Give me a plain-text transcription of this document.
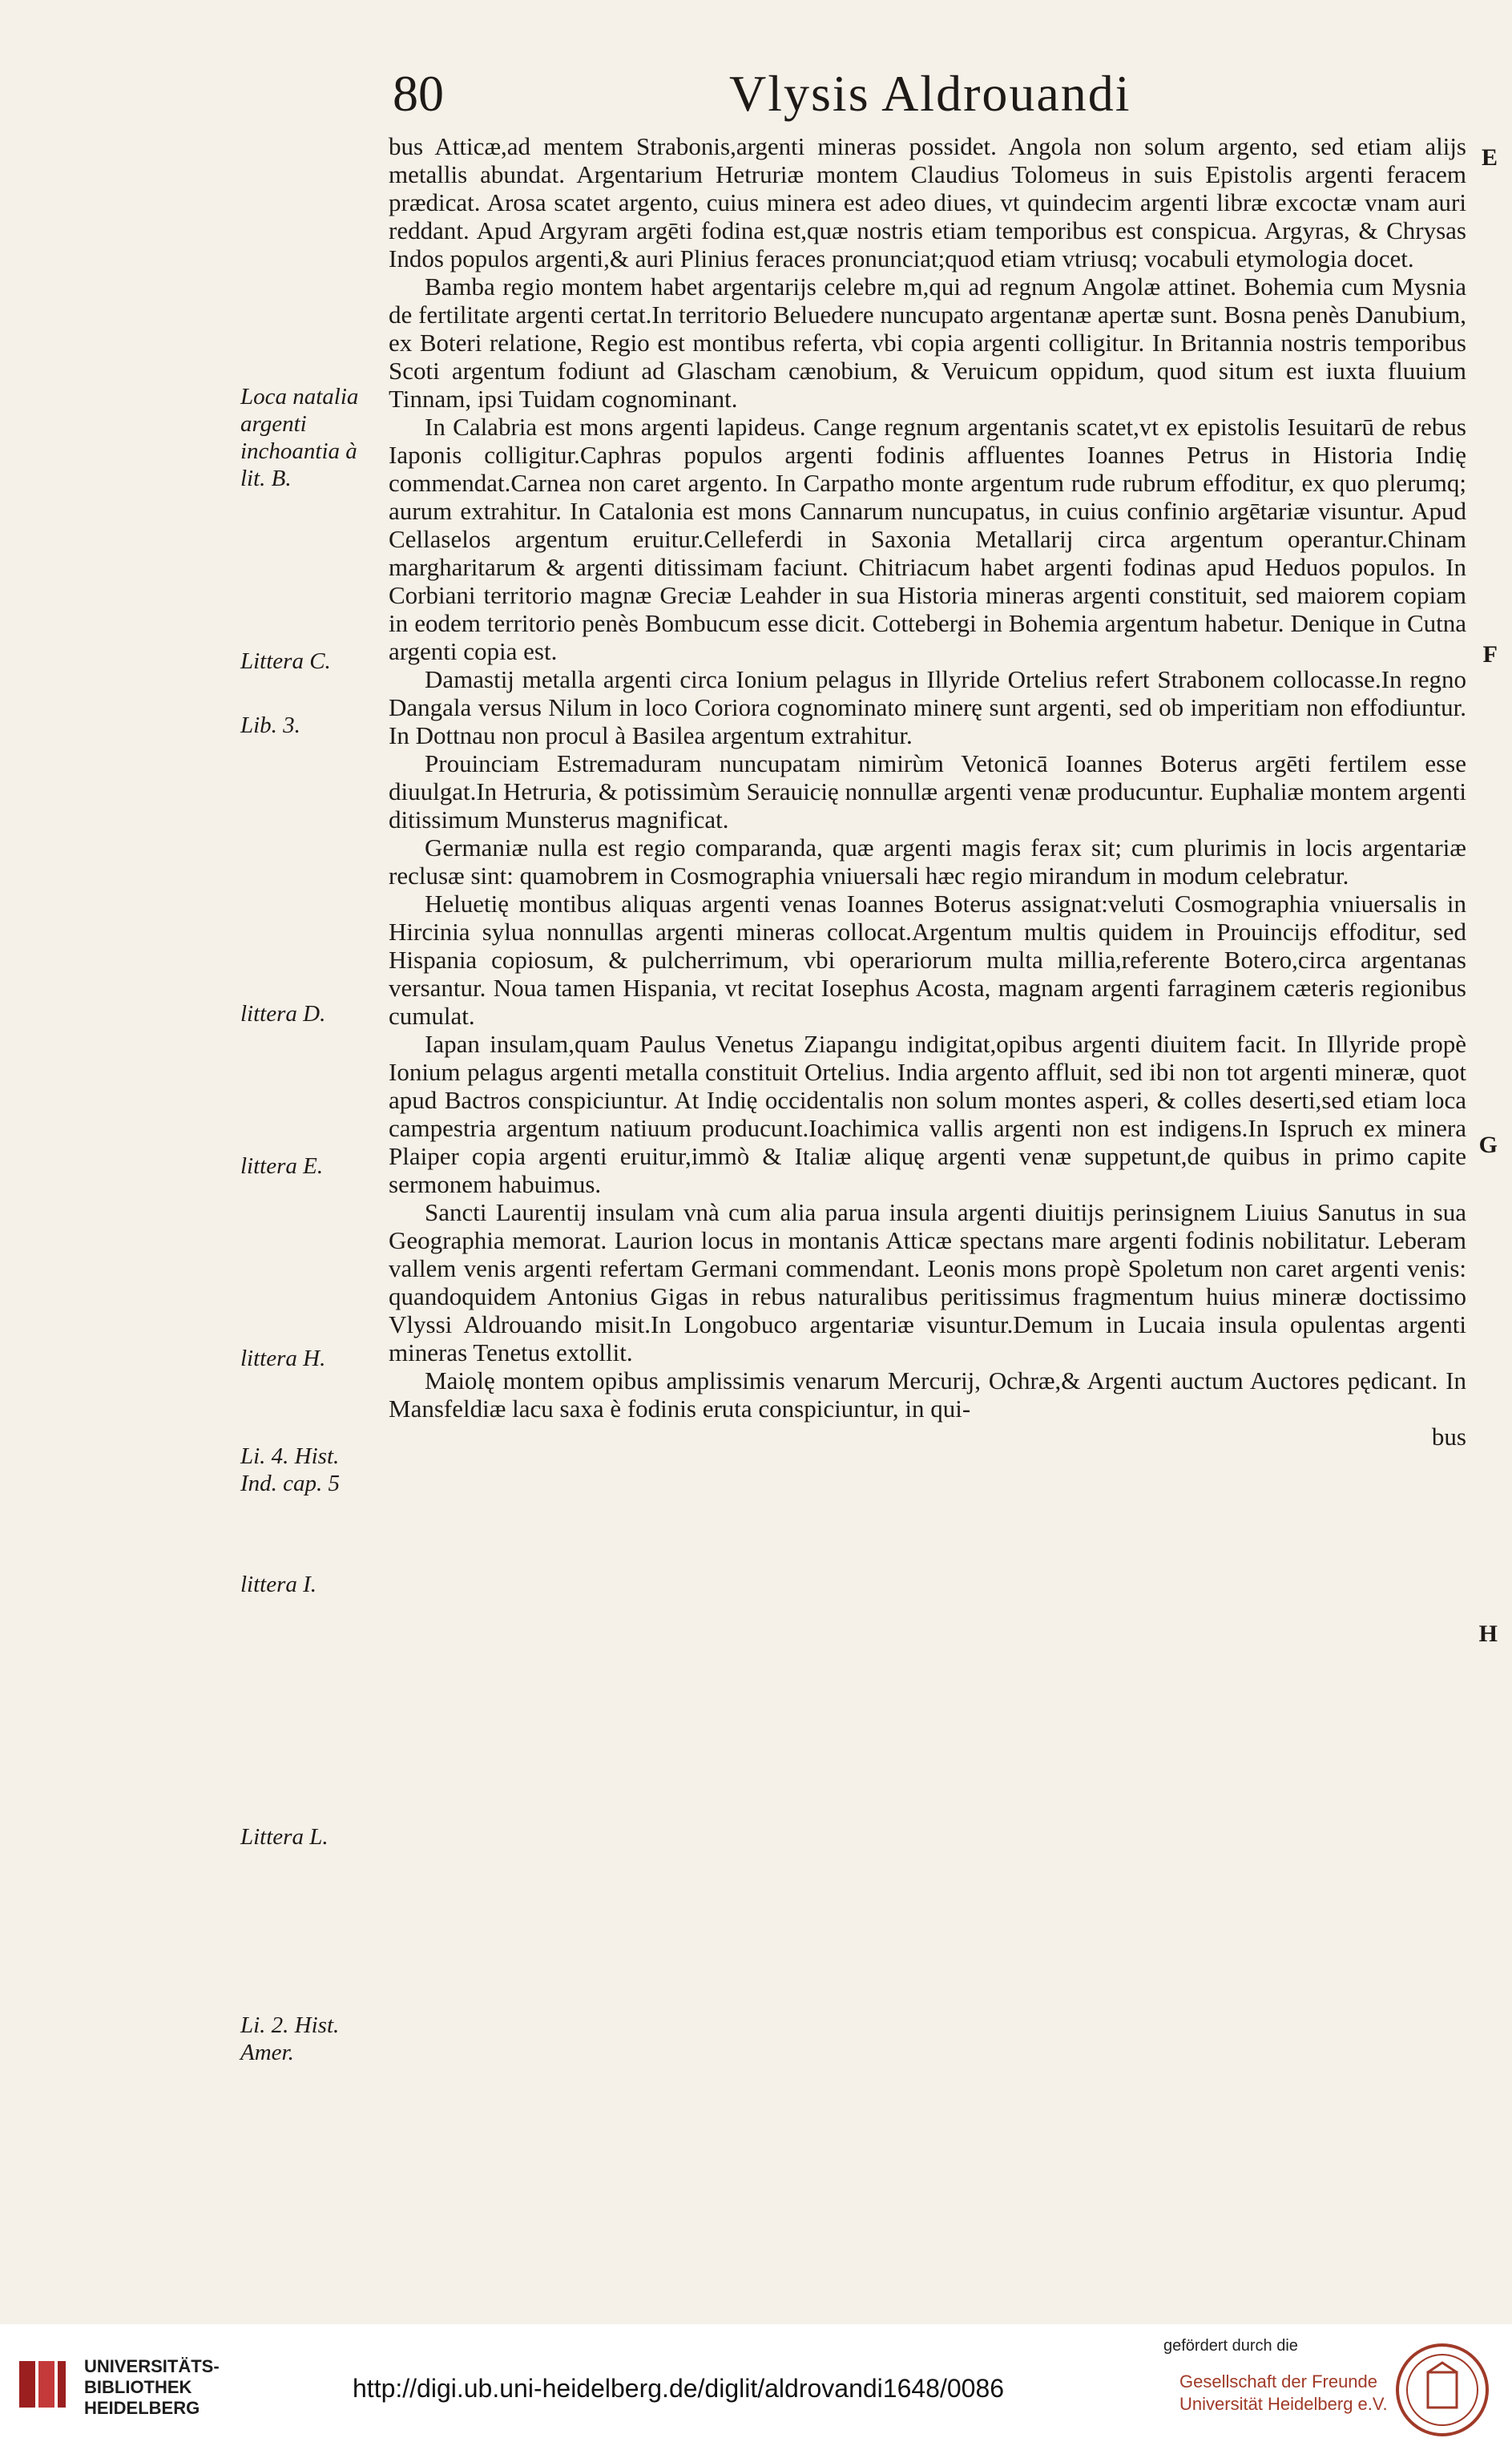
80	Vlysis Aldrouandi

bus Atticæ,ad mentem Strabonis,argenti mineras possidet. Angola non solum argento, sed etiam alijs metallis abundat. Argentarium Hetruriæ montem Claudius Tolomeus in suis Epistolis argenti feracem prædicat. Arosa scatet argento, cuius minera est adeo diues, vt quindecim argenti libræ excoctæ vnam auri reddant. Apud Argyram argēti fodina est,quæ nostris etiam temporibus est conspicua. Argyras, & Chrysas Indos populos argenti,& auri Plinius feraces pronunciat;quod etiam vtriusq; vocabuli etymologia docet.

Bamba regio montem habet argentarijs celebre m,qui ad regnum Angolæ attinet. Bohemia cum Mysnia de fertilitate argenti certat.In territorio Beluedere nuncupato argentanæ apertæ sunt. Bosna penès Danubium, ex Boteri relatione, Regio est montibus referta, vbi copia argenti colligitur. In Britannia nostris temporibus Scoti argentum fodiunt ad Glascham cænobium, & Veruicum oppidum, quod situm est iuxta fluuium Tinnam, ipsi Tuidam cognominant.

In Calabria est mons argenti lapideus. Cange regnum argentanis scatet,vt ex epistolis Iesuitarū de rebus Iaponis colligitur.Caphras populos argenti fodinis affluentes Ioannes Petrus in Historia Indię commendat.Carnea non caret argento. In Carpatho monte argentum rude rubrum effoditur, ex quo plerumq; aurum extrahitur. In Catalonia est mons Cannarum nuncupatus, in cuius confinio argētariæ visuntur. Apud Cellaselos argentum eruitur.Celleferdi in Saxonia Metallarij circa argentum operantur.Chinam margharitarum & argenti ditissimam faciunt. Chitriacum habet argenti fodinas apud Heduos populos. In Corbiani territorio magnæ Greciæ Leahder in sua Historia mineras argenti constituit, sed maiorem copiam in eodem territorio penès Bombucum esse dicit. Cottebergi in Bohemia argentum habetur. Denique in Cutna argenti copia est.

Damastij metalla argenti circa Ionium pelagus in Illyride Ortelius refert Strabonem collocasse.In regno Dangala versus Nilum in loco Coriora cognominato minerę sunt argenti, sed ob imperitiam non effodiuntur. In Dottnau non procul à Basilea argentum extrahitur.

Prouinciam Estremaduram nuncupatam nimirùm Vetonicā Ioannes Boterus argēti fertilem esse diuulgat.In Hetruria, & potissimùm Serauicię nonnullæ argenti venæ producuntur. Euphaliæ montem argenti ditissimum Munsterus magnificat.

Germaniæ nulla est regio comparanda, quæ argenti magis ferax sit; cum plurimis in locis argentariæ reclusæ sint: quamobrem in Cosmographia vniuersali hæc regio mirandum in modum celebratur.

Heluetię montibus aliquas argenti venas Ioannes Boterus assignat:veluti Cosmographia vniuersalis in Hircinia sylua nonnullas argenti mineras collocat.Argentum multis quidem in Prouincijs effoditur, sed Hispania copiosum, & pulcherrimum, vbi operariorum multa millia,referente Botero,circa argentanas versantur. Noua tamen Hispania, vt recitat Iosephus Acosta, magnam argenti farraginem cæteris regionibus cumulat.

Iapan insulam,quam Paulus Venetus Ziapangu indigitat,opibus argenti diuitem facit. In Illyride propè Ionium pelagus argenti metalla constituit Ortelius. India argento affluit, sed ibi non tot argenti mineræ, quot apud Bactros conspiciuntur. At Indię occidentalis non solum montes asperi, & colles deserti,sed etiam loca campestria argentum natiuum producunt.Ioachimica vallis argenti non est indigens.In Ispruch ex minera Plaiper copia argenti eruitur,immò & Italiæ aliquę argenti venæ suppetunt,de quibus in primo capite sermonem habuimus.

Sancti Laurentij insulam vnà cum alia parua insula argenti diuitijs perinsignem Liuius Sanutus in sua Geographia memorat. Laurion locus in montanis Atticæ spectans mare argenti fodinis nobilitatur. Leberam vallem venis argenti refertam Germani commendant. Leonis mons propè Spoletum non caret argenti venis: quandoquidem Antonius Gigas in rebus naturalibus peritissimus fragmentum huius mineræ doctissimo Vlyssi Aldrouando misit.In Longobuco argentariæ visuntur.Demum in Lucaia insula opulentas argenti mineras Tenetus extollit.

Maiolę montem opibus amplissimis venarum Mercurij, Ochræ,& Argenti auctum Auctores pędicant. In Mansfeldiæ lacu saxa è fodinis eruta conspiciuntur, in qui-

bus

Loca natalia argenti inchoantia à lit. B.
Littera C.
Lib. 3.
littera D.
littera E.
littera H.
Li. 4. Hist. Ind. cap. 5
littera I.
Littera L.
Li. 2. Hist. Amer.
E
F
G
H
UNIVERSITÄTS-
BIBLIOTHEK
HEIDELBERG
http://digi.ub.uni-heidelberg.de/diglit/aldrovandi1648/0086
gefördert durch die
Gesellschaft der Freunde
Universität Heidelberg e.V.
